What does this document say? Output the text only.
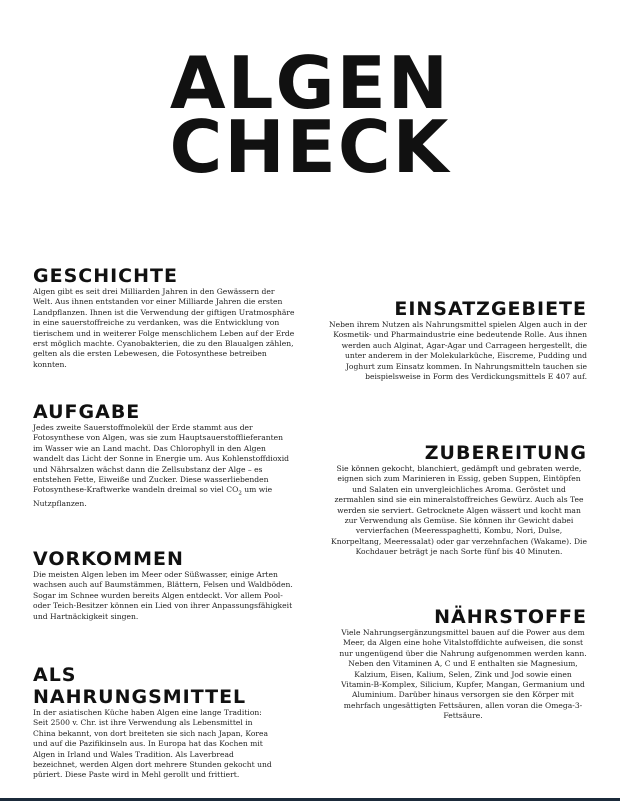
ALGEN
CHECK
GESCHICHTE

Algen gibt es seit drei Milliarden Jahren in den Gewässern der Welt. Aus ihnen entstanden vor einer Milliarde Jahren die ersten Landpflanzen. Ihnen ist die Verwendung der giftigen Uratmosphäre in eine sauerstoffreiche zu verdanken, was die Entwicklung von tierischem und in weiterer Folge menschlichem Leben auf der Erde erst möglich machte. Cyanobakterien, die zu den Blaualgen zählen, gelten als die ersten Lebewesen, die Fotosynthese betreiben konnten.

EINSATZGEBIETE

Neben ihrem Nutzen als Nahrungsmittel spielen Algen auch in der Kosmetik- und Pharmaindustrie eine bedeutende Rolle. Aus ihnen werden auch Alginat, Agar-Agar und Carrageen hergestellt, die unter anderem in der Molekularküche, Eiscreme, Pudding und Joghurt zum Einsatz kommen. In Nahrungsmitteln tauchen sie beispielsweise in Form des Verdickungsmittels E 407 auf.

AUFGABE

Jedes zweite Sauerstoffmolekül der Erde stammt aus der Fotosynthese von Algen, was sie zum Hauptsauerstofflieferanten im Wasser wie an Land macht. Das Chlorophyll in den Algen wandelt das Licht der Sonne in Energie um. Aus Kohlenstoffdioxid und Nährsalzen wächst dann die Zellsubstanz der Alge – es entstehen Fette, Eiweiße und Zucker. Diese wasserliebenden Fotosynthese-Kraftwerke wandeln dreimal so viel $CO_2$ um wie Nutzpflanzen.

ZUBEREITUNG

Sie können gekocht, blanchiert, gedämpft und gebraten werde, eignen sich zum Marinieren in Essig, geben Suppen, Eintöpfen und Salaten ein unvergleichliches Aroma. Geröstet und zermahlen sind sie ein mineralstoffreiches Gewürz. Auch als Tee werden sie serviert. Getrocknete Algen wässert und kocht man zur Verwendung als Gemüse. Sie können ihr Gewicht dabei vervierfachen (Meeresspaghetti, Kombu, Nori, Dulse, Knorpeltang, Meeressalat) oder gar verzehnfachen (Wakame). Die Kochdauer beträgt je nach Sorte fünf bis 40 Minuten.

VORKOMMEN

Die meisten Algen leben im Meer oder Süßwasser, einige Arten wachsen auch auf Baumstämmen, Blättern, Felsen und Waldböden. Sogar im Schnee wurden bereits Algen entdeckt. Vor allem Pool- oder Teich-Besitzer können ein Lied von ihrer Anpassungsfähigkeit und Hartnäckigkeit singen.	NÄHRSTOFFE

Viele Nahrungsergänzungsmittel bauen auf die Power aus dem Meer, da Algen eine hohe Vitalstoffdichte aufweisen, die sonst nur ungenügend über die Nahrung aufgenommen werden kann. Neben den Vitaminen A, C und E enthalten sie Magnesium, Kalzium, Eisen, Kalium, Selen, Zink und Jod sowie einen Vitamin-B-Komplex, Silicium, Kupfer, Mangan, Germanium und Aluminium. Darüber hinaus versorgen sie den Körper mit mehrfach ungesättigten Fettsäuren, allen voran die Omega-3-Fettsäure.

ALS NAHRUNGSMITTEL

In der asiatischen Küche haben Algen eine lange Tradition: Seit 2500 v. Chr. ist ihre Verwendung als Lebensmittel in China bekannt, von dort breiteten sie sich nach Japan, Korea und auf die Pazifikinseln aus. In Europa hat das Kochen mit Algen in Irland und Wales Tradition. Als Laverbread bezeichnet, werden Algen dort mehrere Stunden gekocht und püriert. Diese Paste wird in Mehl gerollt und frittiert.
